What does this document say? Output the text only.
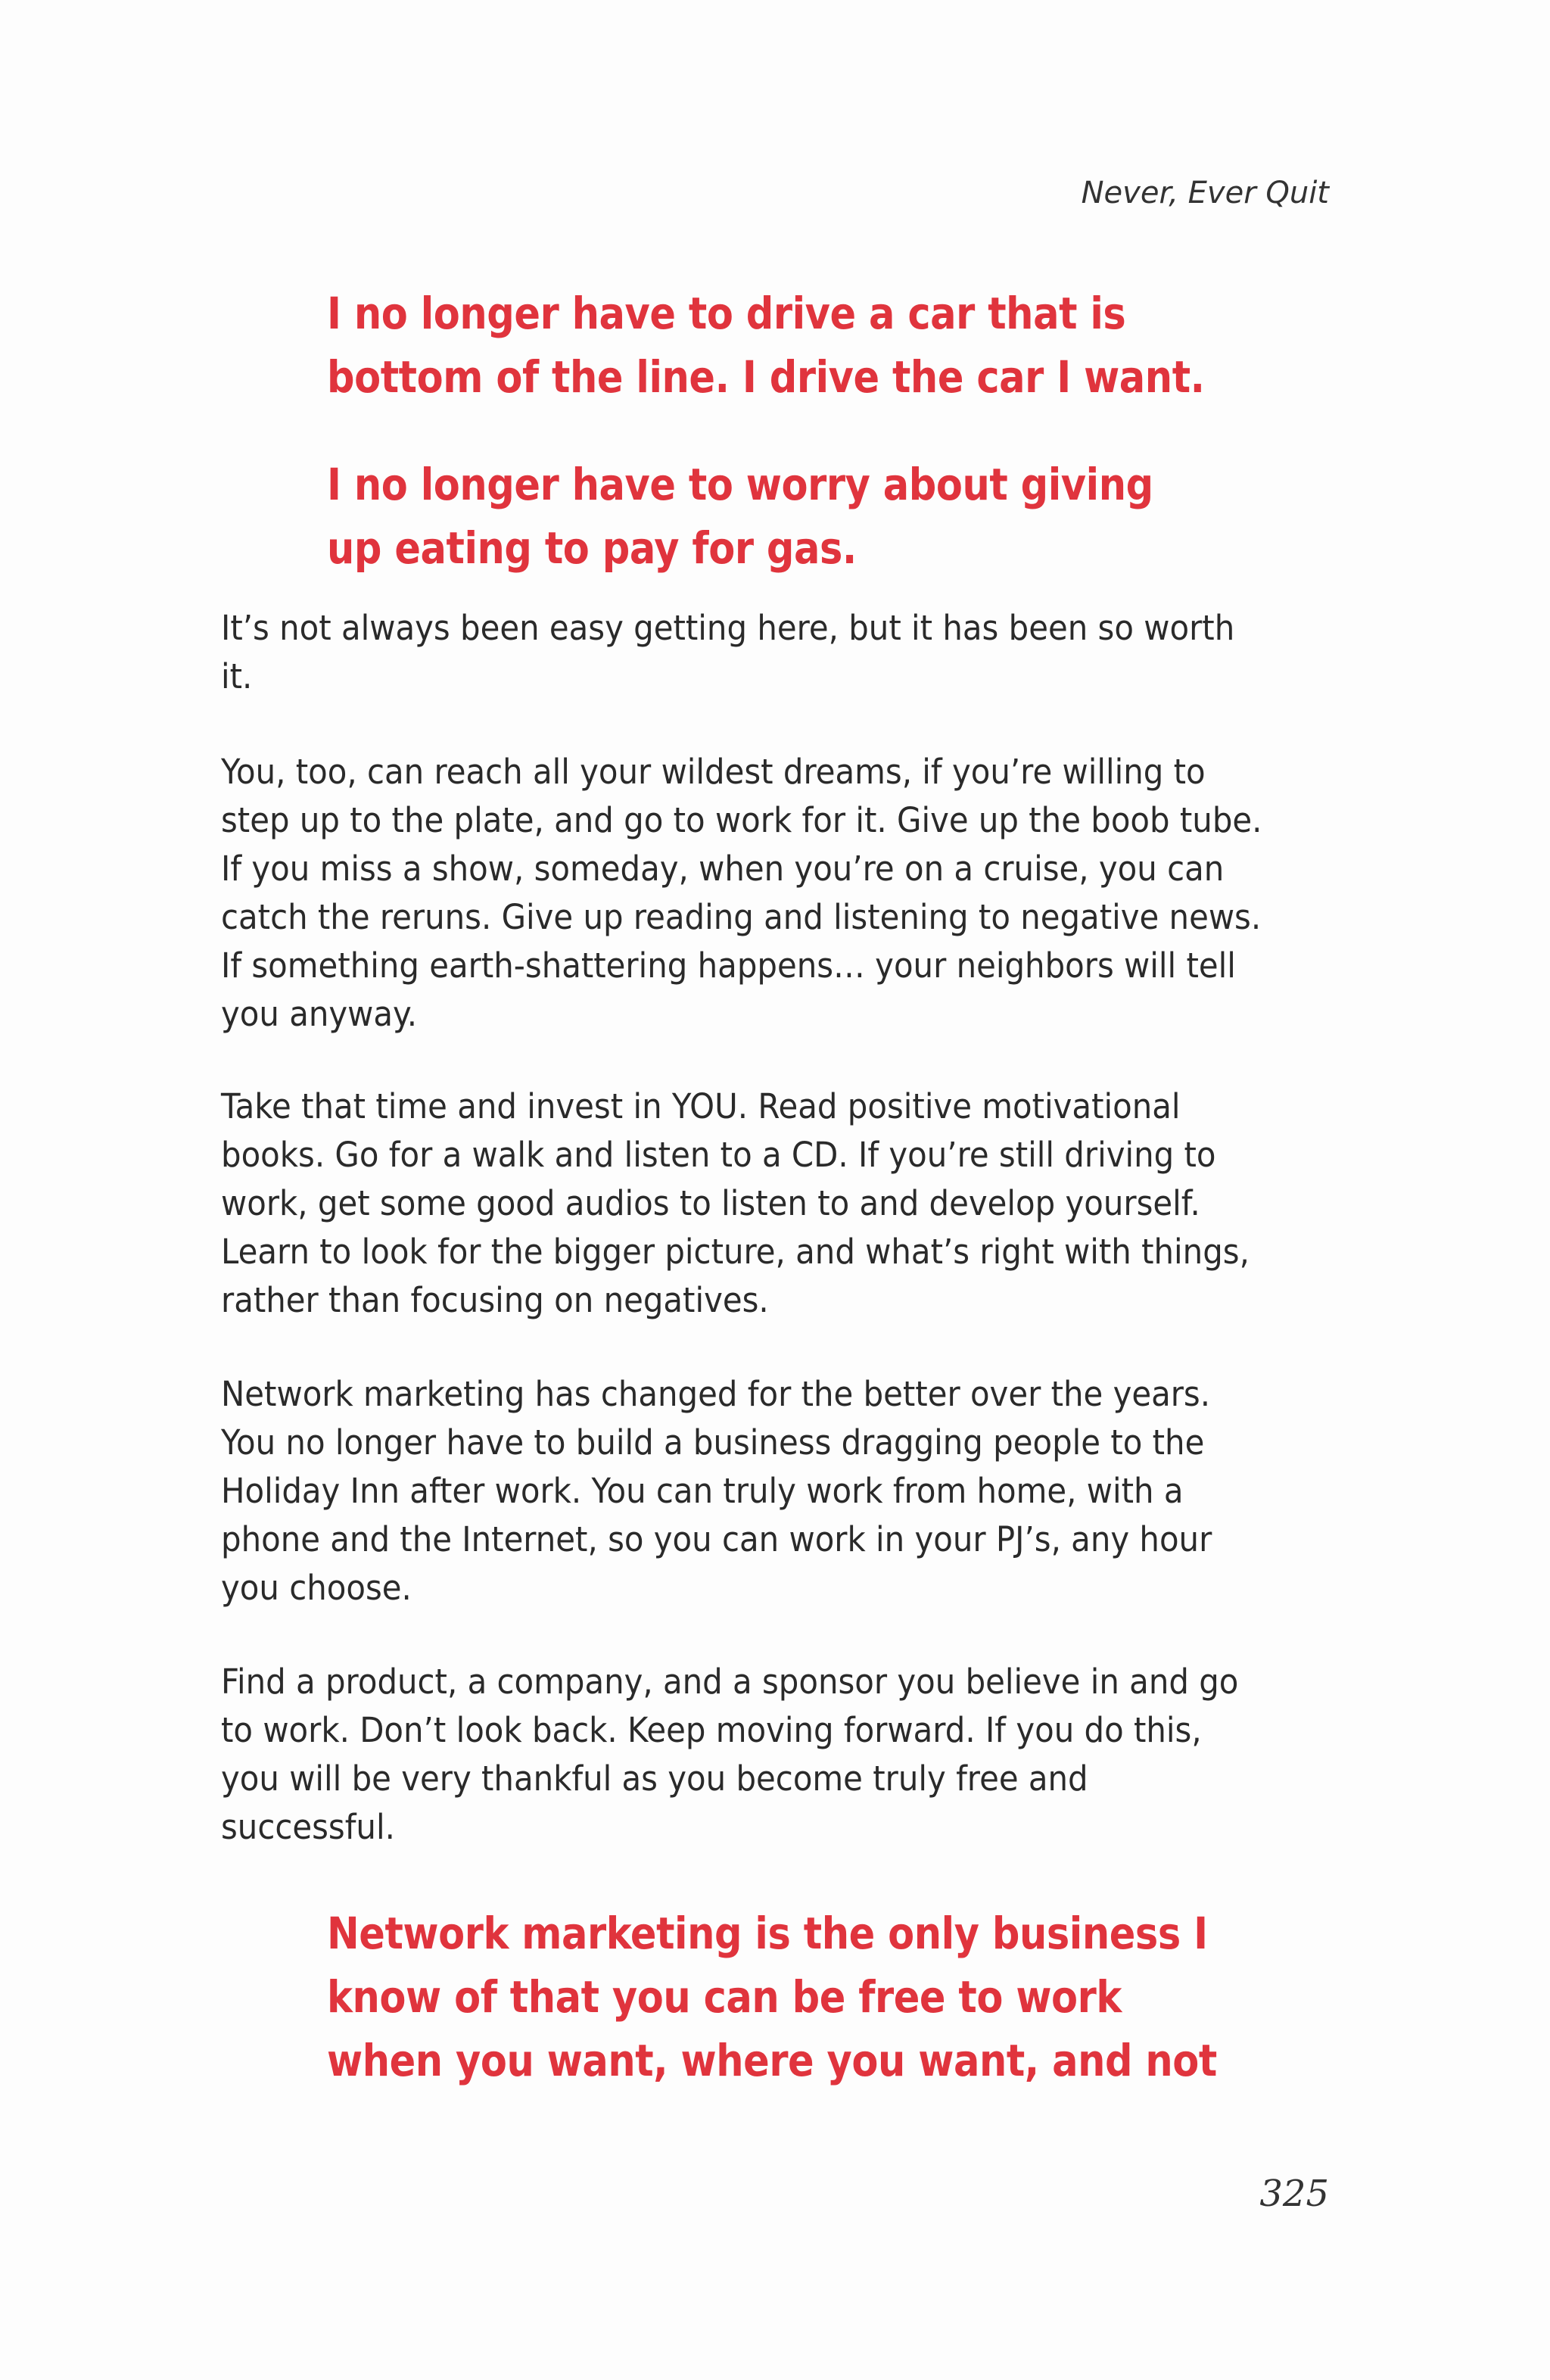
Never, Ever Quit

I no longer have to drive a car that is bottom of the line. I drive the car I want.

I no longer have to worry about giving up eating to pay for gas.

It’s not always been easy getting here, but it has been so worth it.

You, too, can reach all your wildest dreams, if you’re willing to step up to the plate, and go to work for it. Give up the boob tube. If you miss a show, someday, when you’re on a cruise, you can catch the reruns. Give up reading and listening to negative news. If something earth-shattering happens… your neighbors will tell you anyway.

Take that time and invest in YOU. Read positive motivational books. Go for a walk and listen to a CD. If you’re still driving to work, get some good audios to listen to and develop yourself. Learn to look for the bigger picture, and what’s right with things, rather than focusing on negatives.

Network marketing has changed for the better over the years. You no longer have to build a business dragging people to the Holiday Inn after work. You can truly work from home, with a phone and the Internet, so you can work in your PJ’s, any hour you choose.

Find a product, a company, and a sponsor you believe in and go to work. Don’t look back. Keep moving forward. If you do this, you will be very thankful as you become truly free and successful.

Network marketing is the only business I know of that you can be free to work when you want, where you want, and not

325
